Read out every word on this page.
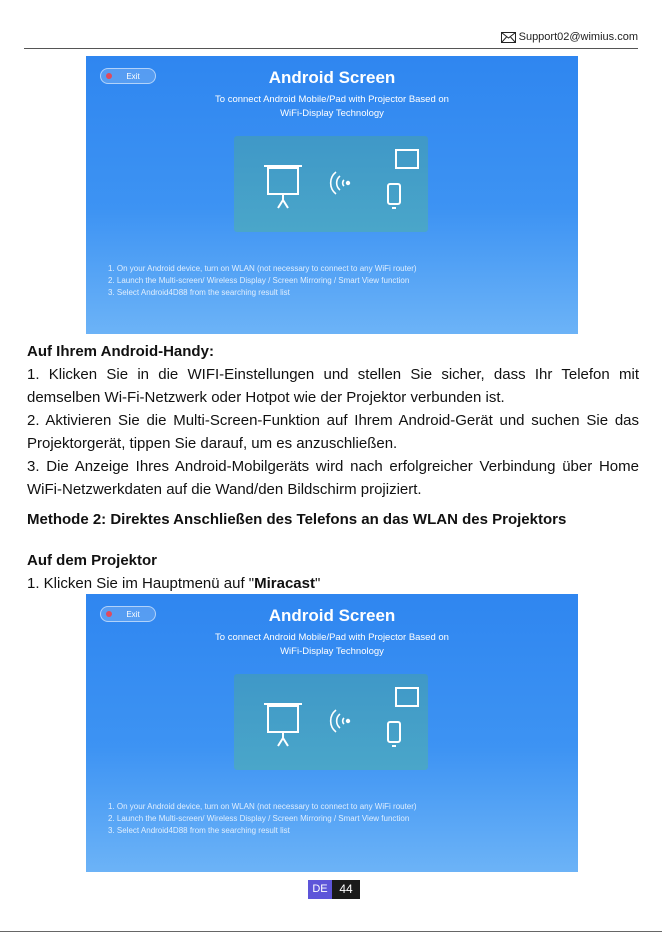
Support02@wimius.com
Exit	Android Screen
To connect Android Mobile/Pad with Projector Based on
WiFi-Display Technology
1. On your Android device, turn on WLAN (not necessary to connect to any WiFi router)
2. Launch the Multi-screen/ Wireless Display / Screen Mirroring / Smart View function
3. Select Android4D88 from the searching result list
Auf Ihrem Android-Handy:
1. Klicken Sie in die WIFI-Einstellungen und stellen Sie sicher, dass Ihr Telefon mit demselben Wi-Fi-Netzwerk oder Hotpot wie der Projektor verbunden ist.
2. Aktivieren Sie die Multi-Screen-Funktion auf Ihrem Android-Gerät und suchen Sie das Projektorgerät, tippen Sie darauf, um es anzuschließen.
3. Die Anzeige Ihres Android-Mobilgeräts wird nach erfolgreicher Verbindung über Home WiFi-Netzwerkdaten auf die Wand/den Bildschirm projiziert.
Methode 2: Direktes Anschließen des Telefons an das WLAN des Projektors
Auf dem Projektor
1. Klicken Sie im Hauptmenü auf "Miracast"
Exit	Android Screen
To connect Android Mobile/Pad with Projector Based on
WiFi-Display Technology
1. On your Android device, turn on WLAN (not necessary to connect to any WiFi router)
2. Launch the Multi-screen/ Wireless Display / Screen Mirroring / Smart View function
3. Select Android4D88 from the searching result list
DE 44
